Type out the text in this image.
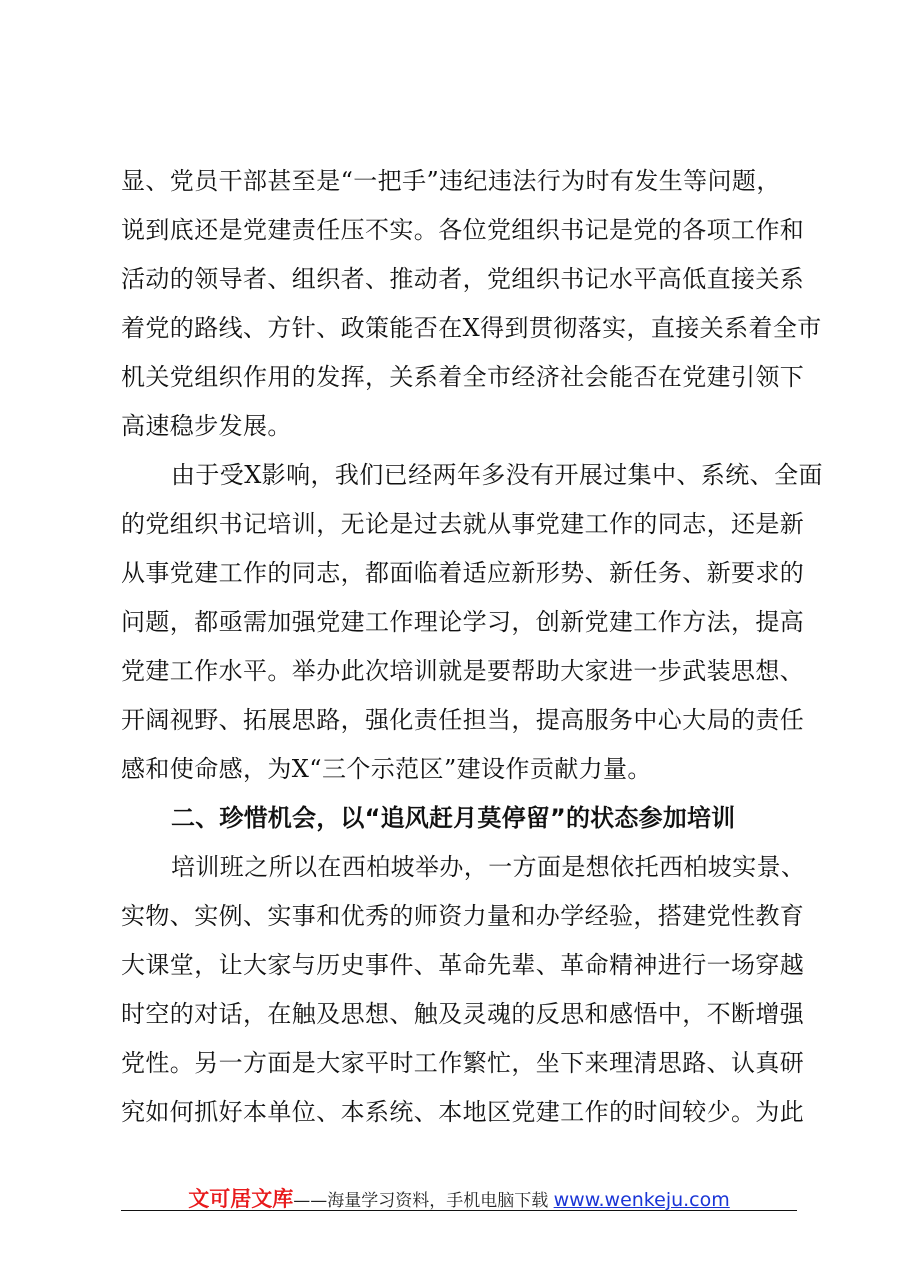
显、党员干部甚至是“一把手”违纪违法行为时有发生等问题，
说到底还是党建责任压不实。各位党组织书记是党的各项工作和
活动的领导者、组织者、推动者，党组织书记水平高低直接关系
着党的路线、方针、政策能否在X得到贯彻落实，直接关系着全市
机关党组织作用的发挥，关系着全市经济社会能否在党建引领下
高速稳步发展。
由于受X影响，我们已经两年多没有开展过集中、系统、全面
的党组织书记培训，无论是过去就从事党建工作的同志，还是新
从事党建工作的同志，都面临着适应新形势、新任务、新要求的
问题，都亟需加强党建工作理论学习，创新党建工作方法，提高
党建工作水平。举办此次培训就是要帮助大家进一步武装思想、
开阔视野、拓展思路，强化责任担当，提高服务中心大局的责任
感和使命感，为X“三个示范区”建设作贡献力量。
二、珍惜机会，以“追风赶月莫停留”的状态参加培训
培训班之所以在西柏坡举办，一方面是想依托西柏坡实景、
实物、实例、实事和优秀的师资力量和办学经验，搭建党性教育
大课堂，让大家与历史事件、革命先辈、革命精神进行一场穿越
时空的对话，在触及思想、触及灵魂的反思和感悟中，不断增强
党性。另一方面是大家平时工作繁忙，坐下来理清思路、认真研
究如何抓好本单位、本系统、本地区党建工作的时间较少。为此
文可居文库——海量学习资料，手机电脑下载 www.wenkeju.com
